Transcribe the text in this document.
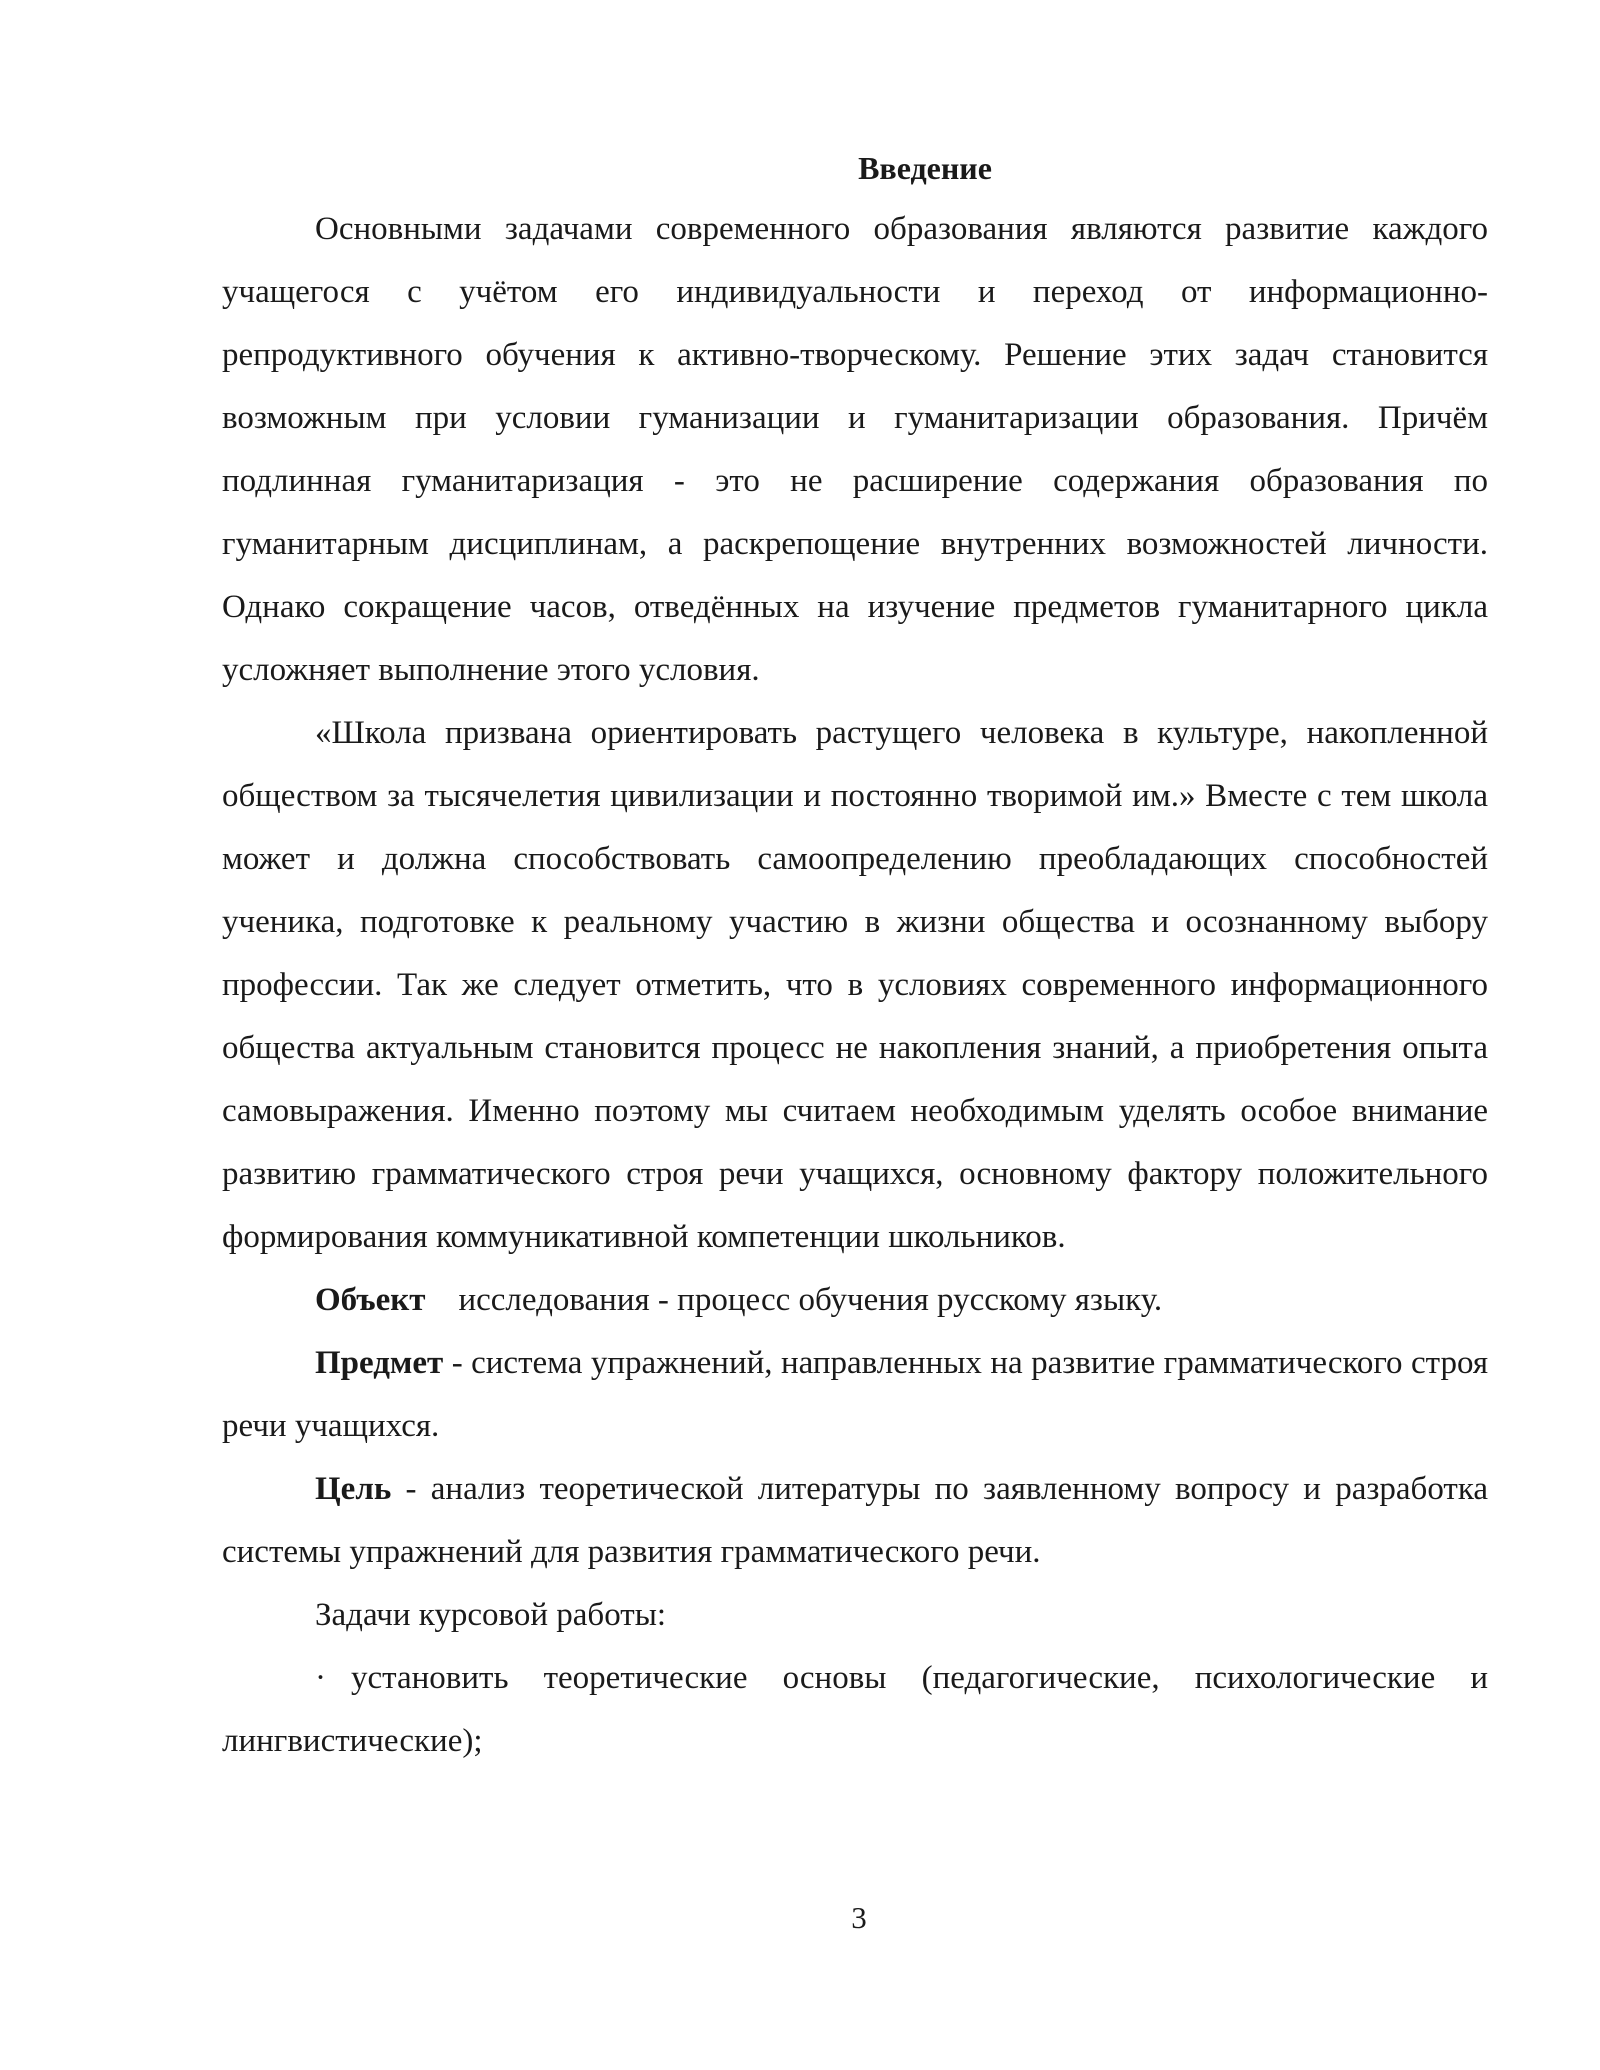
Введение

Основными задачами современного образования являются развитие каждого учащегося с учётом его индивидуальности и переход от информационно-репродуктивного обучения к активно-творческому. Решение этих задач становится возможным при условии гуманизации и гуманитаризации образования. Причём подлинная гуманитаризация - это не расширение содержания образования по гуманитарным дисциплинам, а раскрепощение внутренних возможностей личности. Однако сокращение часов, отведённых на изучение предметов гуманитарного цикла усложняет выполнение этого условия.

«Школа призвана ориентировать растущего человека в культуре, накопленной обществом за тысячелетия цивилизации и постоянно творимой им.» Вместе с тем школа может и должна способствовать самоопределению преобладающих способностей ученика, подготовке к реальному участию в жизни общества и осознанному выбору профессии. Так же следует отметить, что в условиях современного информационного общества актуальным становится процесс не накопления знаний, а приобретения опыта самовыражения. Именно поэтому мы считаем необходимым уделять особое внимание развитию грамматического строя речи учащихся, основному фактору положительного формирования коммуникативной компетенции школьников.

Объект исследования - процесс обучения русскому языку.

Предмет - система упражнений, направленных на развитие грамматического строя речи учащихся.

Цель - анализ теоретической литературы по заявленному вопросу и разработка системы упражнений для развития грамматического речи.

Задачи курсовой работы:

· установить теоретические основы (педагогические, психологические и лингвистические);

3
